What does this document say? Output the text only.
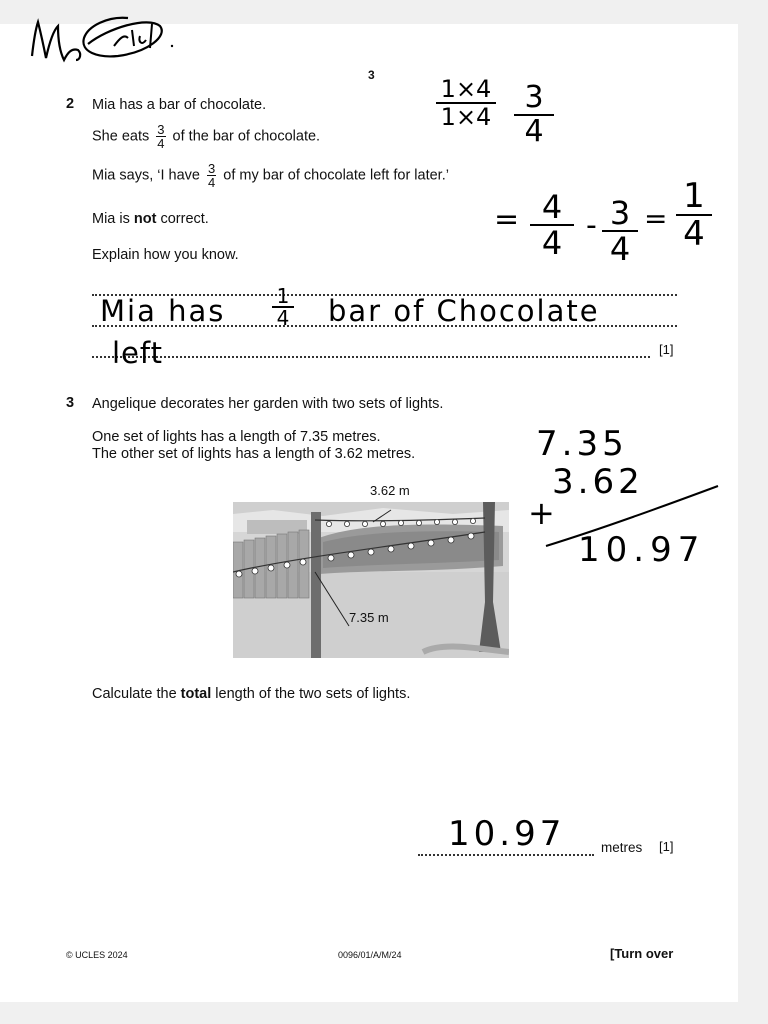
3
2 Mia has a bar of chocolate.
She eats $\frac{3}{4}$ of the bar of chocolate.
Mia says, ‘I have $\frac{3}{4}$ of my bar of chocolate left for later.’
Mia is not correct.
Explain how you know.
[1]
Mia has	1
4 bar of Chocolate
left
1×4
1×4
3
4
= 4
4 - 3
4
=
1
4
3 Angelique decorates her garden with two sets of lights.
One set of lights has a length of 7.35 metres.
The other set of lights has a length of 3.62 metres.	7.35
+
3.62
10.97
3.62 m
7.35 m
Calculate the total length of the two sets of lights.
metres [1]
10.97
© UCLES 2024	0096/01/A/M/24	[Turn over
